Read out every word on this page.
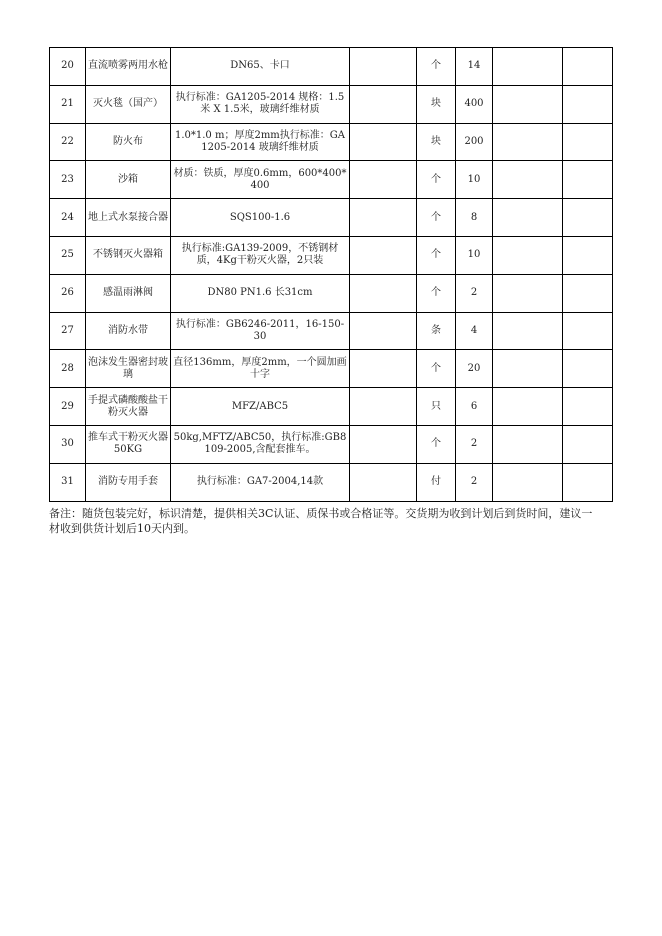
20	直流喷雾两用水枪	DN65、卡口		个	14		
21	灭火毯（国产）	执行标准：GA1205-2014 规格：1.5米 X 1.5米，玻璃纤维材质		块	400		
22	防火布	1.0*1.0 m；厚度2mm执行标准：GA1205-2014 玻璃纤维材质		块	200		
23	沙箱	材质：铁质，厚度0.6mm，600*400*400		个	10		
24	地上式水泵接合器	SQS100-1.6		个	8		
25	不锈钢灭火器箱	执行标准:GA139-2009，不锈钢材质，4Kg干粉灭火器，2只装		个	10		
26	感温雨淋阀	DN80 PN1.6 长31cm		个	2		
27	消防水带	执行标准：GB6246-2011，16-150-30		条	4		
28	泡沫发生器密封玻璃	直径136mm，厚度2mm，一个圆加画十字		个	20		
29	手提式磷酸酸盐干粉灭火器	MFZ/ABC5		只	6		
30	推车式干粉灭火器50KG	50kg,MFTZ/ABC50，执行标准:GB8109-2005,含配套推车。		个	2		
31	消防专用手套	执行标准：GA7-2004,14款		付	2		
备注：随货包装完好，标识清楚，提供相关3C认证、质保书或合格证等。交货期为收到计划后到货时间，建议一
材收到供货计划后10天内到。
